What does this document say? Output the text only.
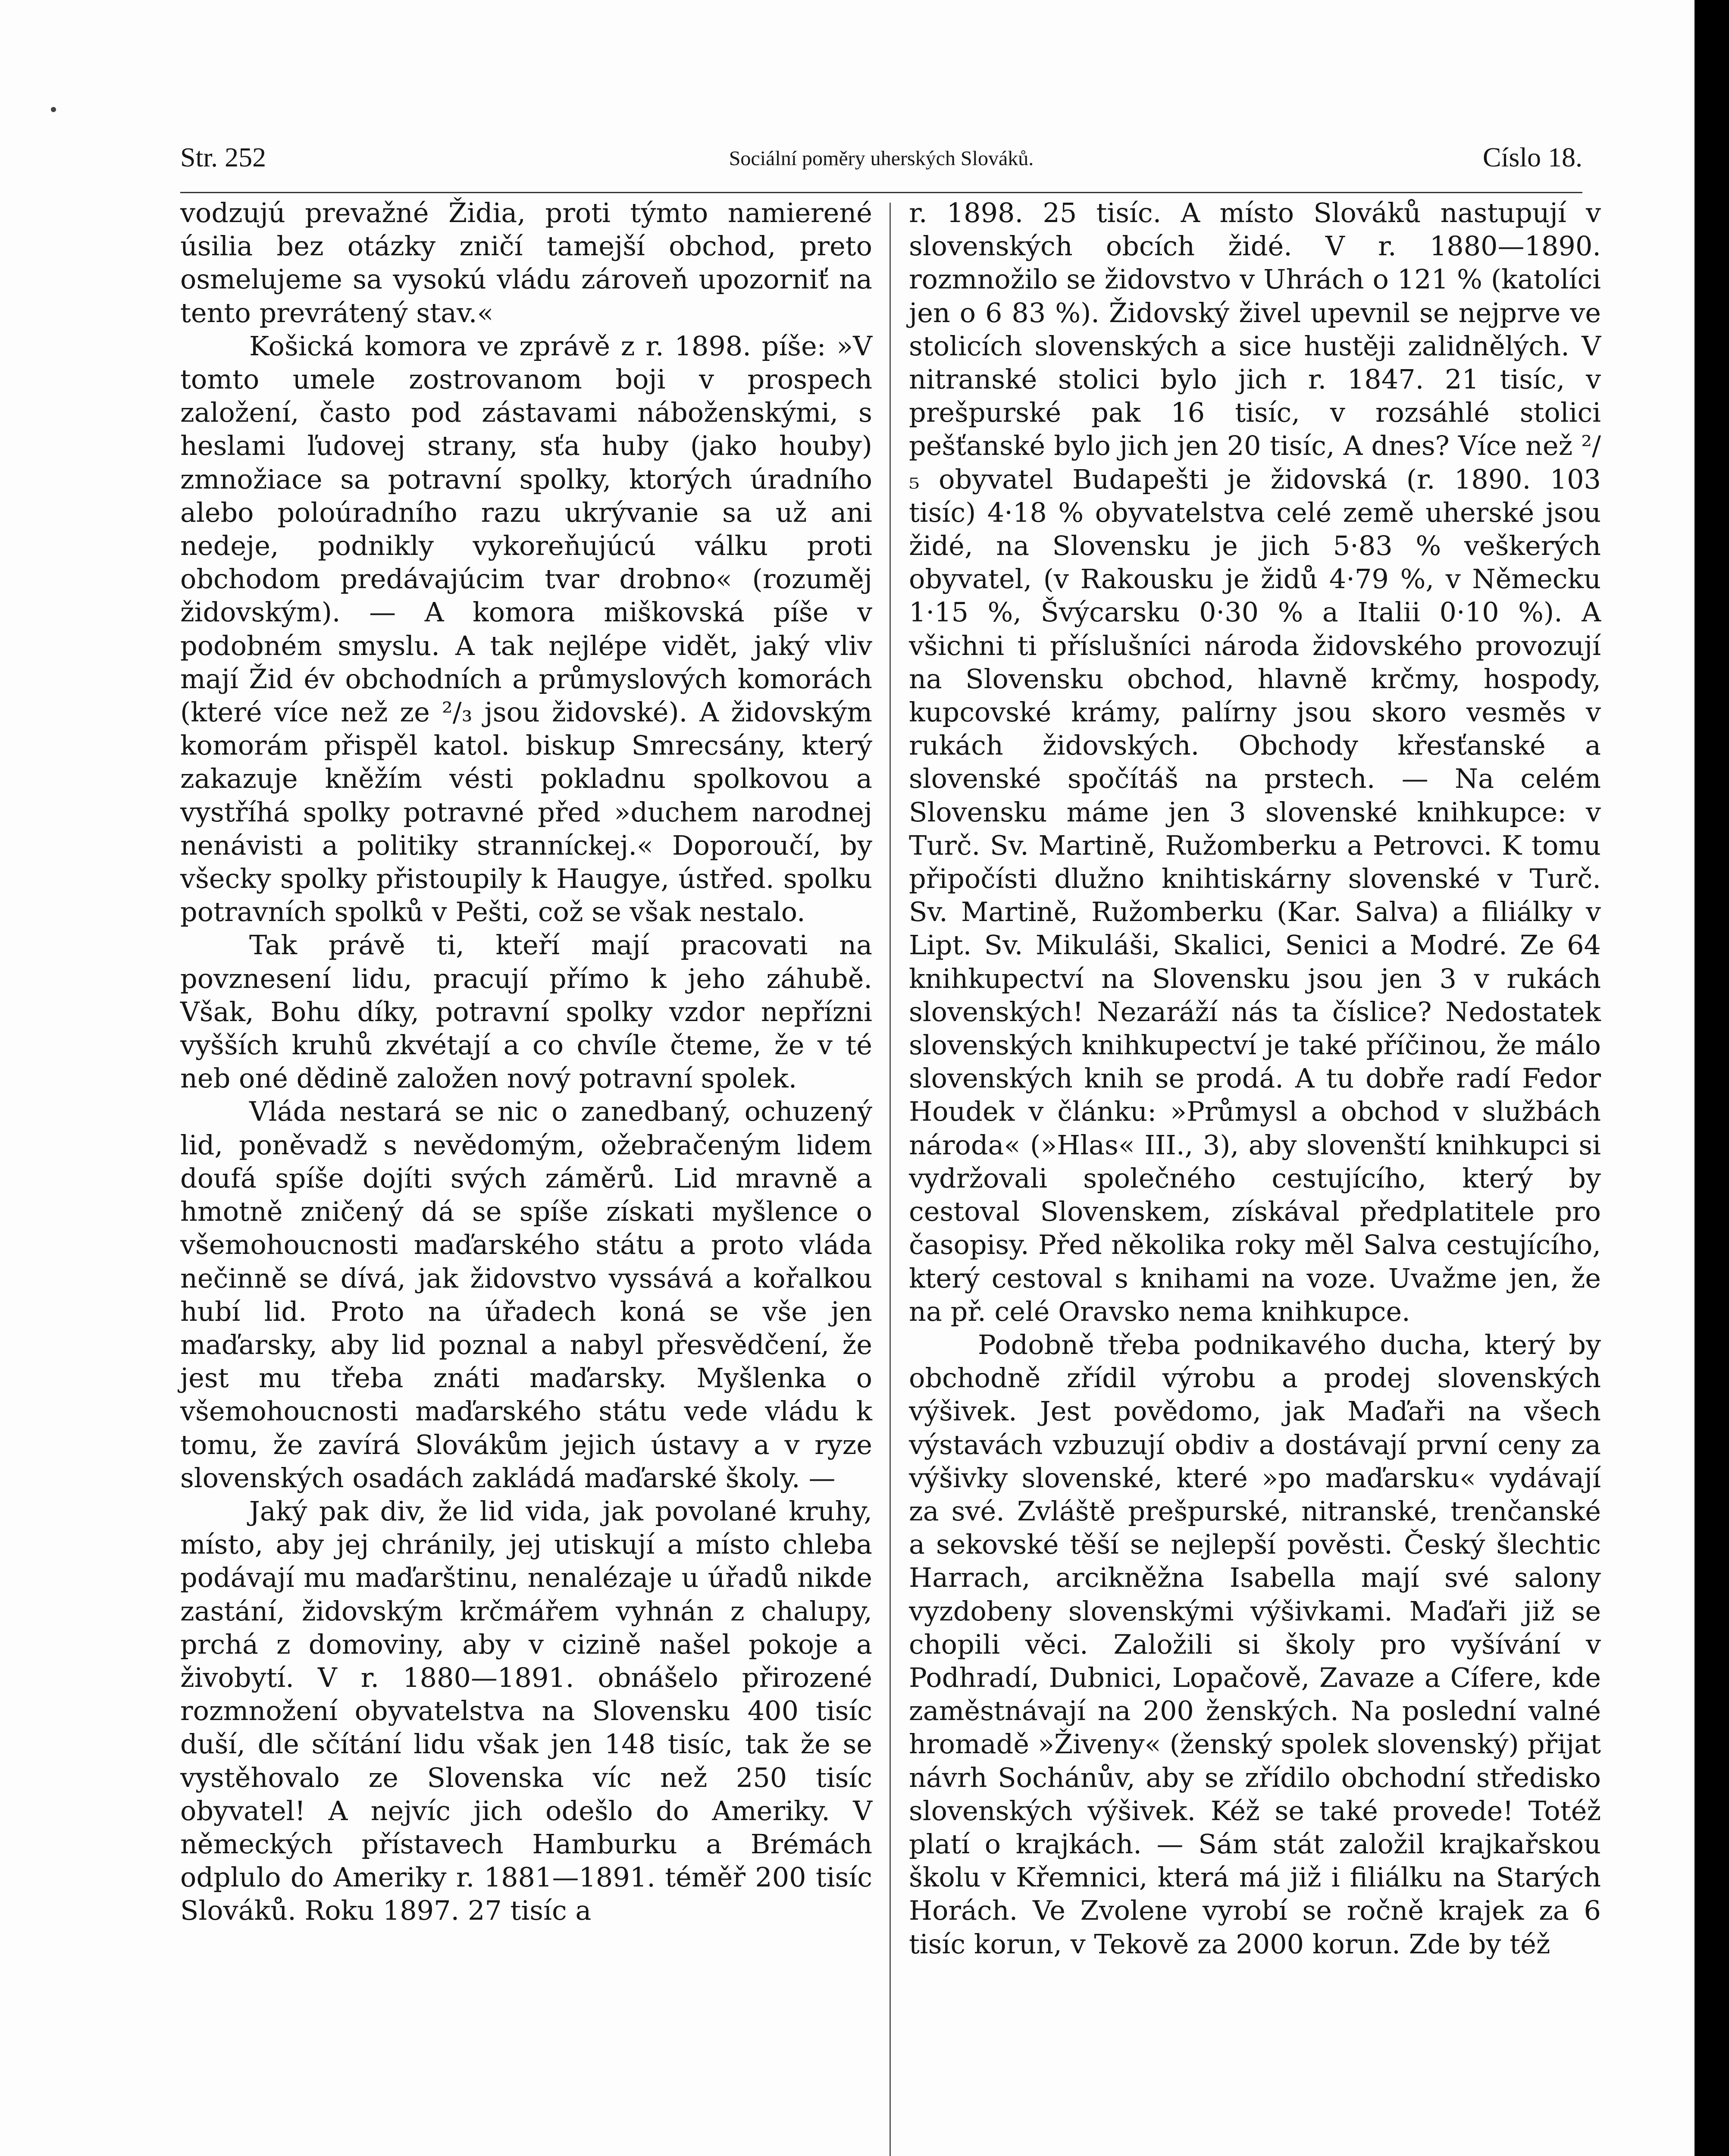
Str. 252	Sociální poměry uherských Slováků.	Císlo 18.

vodzujú prevažné Židia, proti týmto namierené úsilia bez otázky zničí tamejší obchod, preto osmelujeme sa vysokú vládu zároveň upozorniť na tento prevrátený stav.«

Košická komora ve zprávě z r. 1898. píše: »V tomto umele zostrovanom boji v prospech založení, často pod zástavami náboženskými, s heslami ľudovej strany, sťa huby (jako houby) zmnožiace sa potravní spolky, ktorých úradního alebo poloúradního razu ukrývanie sa už ani nedeje, podnikly vykoreňujúcú válku proti obchodom predávajúcim tvar drobno« (rozuměj židovským). — A komora miškovská píše v podobném smyslu. A tak nejlépe vidět, jaký vliv mají Žid év obchodních a průmyslových komorách (které více než ze ²/₃ jsou židovské). A židovským komorám přispěl katol. biskup Smrecsány, který zakazuje kněžím vésti pokladnu spolkovou a vystříhá spolky potravné před »duchem narodnej nenávisti a politiky stranníckej.« Doporoučí, by všecky spolky přistoupily k Haugye, ústřed. spolku potravních spolků v Pešti, což se však nestalo.

Tak právě ti, kteří mají pracovati na povznesení lidu, pracují přímo k jeho záhubě. Však, Bohu díky, potravní spolky vzdor nepřízni vyšších kruhů zkvétají a co chvíle čteme, že v té neb oné dědině založen nový potravní spolek.

Vláda nestará se nic o zanedbaný, ochuzený lid, poněvadž s nevědomým, ožebračeným lidem doufá spíše dojíti svých záměrů. Lid mravně a hmotně zničený dá se spíše získati myšlence o všemohoucnosti maďarského státu a proto vláda nečinně se dívá, jak židovstvo vyssává a kořalkou hubí lid. Proto na úřadech koná se vše jen maďarsky, aby lid poznal a nabyl přesvědčení, že jest mu třeba znáti maďarsky. Myšlenka o všemohoucnosti maďarského státu vede vládu k tomu, že zavírá Slovákům jejich ústavy a v ryze slovenských osadách zakládá maďarské školy. —

Jaký pak div, že lid vida, jak povolané kruhy, místo, aby jej chránily, jej utiskují a místo chleba podávají mu maďarštinu, nenalézaje u úřadů nikde zastání, židovským krčmářem vyhnán z chalupy, prchá z domoviny, aby v cizině našel pokoje a živobytí. V r. 1880—1891. obnášelo přirozené rozmnožení obyvatelstva na Slovensku 400 tisíc duší, dle sčítání lidu však jen 148 tisíc, tak že se vystěhovalo ze Slovenska víc než 250 tisíc obyvatel! A nejvíc jich odešlo do Ameriky. V německých přístavech Hamburku a Brémách odplulo do Ameriky r. 1881—1891. téměř 200 tisíc Slováků. Roku 1897. 27 tisíc a

r. 1898. 25 tisíc. A místo Slováků nastupují v slovenských obcích židé. V r. 1880—1890. rozmnožilo se židovstvo v Uhrách o 121 % (katolíci jen o 6 83 %). Židovský živel upevnil se nejprve ve stolicích slovenských a sice hustěji zalidnělých. V nitranské stolici bylo jich r. 1847. 21 tisíc, v prešpurské pak 16 tisíc, v rozsáhlé stolici pešťanské bylo jich jen 20 tisíc, A dnes? Více než ²/₅ obyvatel Budapešti je židovská (r. 1890. 103 tisíc) 4·18 % obyvatelstva celé země uherské jsou židé, na Slovensku je jich 5·83 % veškerých obyvatel, (v Rakousku je židů 4·79 %, v Německu 1·15 %, Švýcarsku 0·30 % a Italii 0·10 %). A všichni ti příslušníci národa židovského provozují na Slovensku obchod, hlavně krčmy, hospody, kupcovské krámy, palírny jsou skoro vesměs v rukách židovských. Obchody křesťanské a slovenské spočítáš na prstech. — Na celém Slovensku máme jen 3 slovenské knihkupce: v Turč. Sv. Martině, Ružomberku a Petrovci. K tomu připočísti dlužno knihtiskárny slovenské v Turč. Sv. Martině, Ružomberku (Kar. Salva) a filiálky v Lipt. Sv. Mikuláši, Skalici, Senici a Modré. Ze 64 knihkupectví na Slovensku jsou jen 3 v rukách slovenských! Nezaráží nás ta číslice? Nedostatek slovenských knihkupectví je také příčinou, že málo slovenských knih se prodá. A tu dobře radí Fedor Houdek v článku: »Průmysl a obchod v službách národa« (»Hlas« III., 3), aby slovenští knihkupci si vydržovali společného cestujícího, který by cestoval Slovenskem, získával předplatitele pro časopisy. Před několika roky měl Salva cestujícího, který cestoval s knihami na voze. Uvažme jen, že na př. celé Oravsko nema knihkupce.

Podobně třeba podnikavého ducha, který by obchodně zřídil výrobu a prodej slovenských výšivek. Jest povědomo, jak Maďaři na všech výstavách vzbuzují obdiv a dostávají první ceny za výšivky slovenské, které »po maďarsku« vydávají za své. Zvláště prešpurské, nitranské, trenčanské a sekovské těší se nejlepší pověsti. Český šlechtic Harrach, arcikněžna Isabella mají své salony vyzdobeny slovenskými výšivkami. Maďaři již se chopili věci. Založili si školy pro vyšívání v Podhradí, Dubnici, Lopačově, Zavaze a Cífere, kde zaměstnávají na 200 ženských. Na poslední valné hromadě »Živeny« (ženský spolek slovenský) přijat návrh Sochánův, aby se zřídilo obchodní středisko slovenských výšivek. Kéž se také provede! Totéž platí o krajkách. — Sám stát založil krajkařskou školu v Křemnici, která má již i filiálku na Starých Horách. Ve Zvolene vyrobí se ročně krajek za 6 tisíc korun, v Tekově za 2000 korun. Zde by též
